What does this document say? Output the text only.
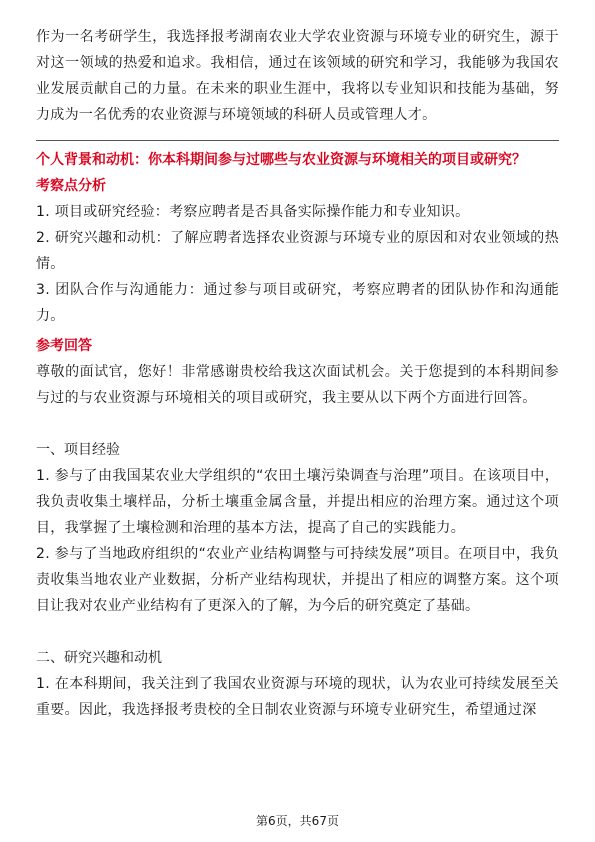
作为一名考研学生，我选择报考湖南农业大学农业资源与环境专业的研究生，源于对这一领域的热爱和追求。我相信，通过在该领域的研究和学习，我能够为我国农业发展贡献自己的力量。在未来的职业生涯中，我将以专业知识和技能为基础，努力成为一名优秀的农业资源与环境领域的科研人员或管理人才。

个人背景和动机：你本科期间参与过哪些与农业资源与环境相关的项目或研究？
考察点分析

1. 项目或研究经验：考察应聘者是否具备实际操作能力和专业知识。

2. 研究兴趣和动机：了解应聘者选择农业资源与环境专业的原因和对农业领域的热情。

3. 团队合作与沟通能力：通过参与项目或研究，考察应聘者的团队协作和沟通能力。

参考回答

尊敬的面试官，您好！非常感谢贵校给我这次面试机会。关于您提到的本科期间参与过的与农业资源与环境相关的项目或研究，我主要从以下两个方面进行回答。

一、项目经验

1. 参与了由我国某农业大学组织的“农田土壤污染调查与治理”项目。在该项目中，我负责收集土壤样品，分析土壤重金属含量，并提出相应的治理方案。通过这个项目，我掌握了土壤检测和治理的基本方法，提高了自己的实践能力。

2. 参与了当地政府组织的“农业产业结构调整与可持续发展”项目。在项目中，我负责收集当地农业产业数据，分析产业结构现状，并提出了相应的调整方案。这个项目让我对农业产业结构有了更深入的了解，为今后的研究奠定了基础。

二、研究兴趣和动机

1. 在本科期间，我关注到了我国农业资源与环境的现状，认为农业可持续发展至关重要。因此，我选择报考贵校的全日制农业资源与环境专业研究生，希望通过深

第6页，共67页
